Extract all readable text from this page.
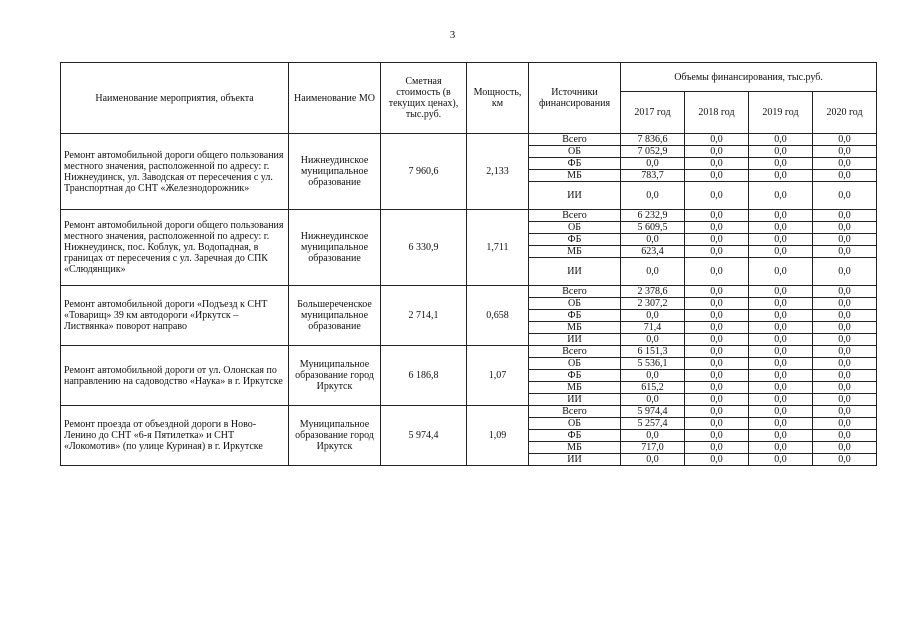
3
Наименование мероприятия, объекта	Наименование МО	Сметная стоимость (в текущих ценах), тыс.руб.	Мощность, км	Источники финансирования	Объемы финансирования, тыс.руб.			
					2017 год	2018 год	2019 год	2020 год
Ремонт автомобильной дороги общего пользования местного значения, расположенной по адресу: г. Нижнеудинск, ул. Заводская от пересечения с ул. Транспортная до СНТ «Железнодорожник»	Нижнеудинское муниципальное образование	7 960,6	2,133	Всего	7 836,6	0,0	0,0	0,0
				ОБ	7 052,9	0,0	0,0	0,0
				ФБ	0,0	0,0	0,0	0,0
				МБ	783,7	0,0	0,0	0,0
				ИИ	0,0	0,0	0,0	0,0
Ремонт автомобильной дороги общего пользования местного значения, расположенной по адресу: г. Нижнеудинск, пос. Коблук, ул. Водопадная, в границах от пересечения с ул. Заречная до СПК «Слюдянщик»	Нижнеудинское муниципальное образование	6 330,9	1,711	Всего	6 232,9	0,0	0,0	0,0
				ОБ	5 609,5	0,0	0,0	0,0
				ФБ	0,0	0,0	0,0	0,0
				МБ	623,4	0,0	0,0	0,0
				ИИ	0,0	0,0	0,0	0,0
Ремонт автомобильной дороги «Подъезд к СНТ «Товарищ» 39 км автодороги «Иркутск – Листвянка» поворот направо	Большереченское муниципальное образование	2 714,1	0,658	Всего	2 378,6	0,0	0,0	0,0
				ОБ	2 307,2	0,0	0,0	0,0
				ФБ	0,0	0,0	0,0	0,0
				МБ	71,4	0,0	0,0	0,0
				ИИ	0,0	0,0	0,0	0,0
Ремонт автомобильной дороги от ул. Олонская по направлению на садоводство «Наука» в г. Иркутске	Муниципальное образование город Иркутск	6 186,8	1,07	Всего	6 151,3	0,0	0,0	0,0
				ОБ	5 536,1	0,0	0,0	0,0
				ФБ	0,0	0,0	0,0	0,0
				МБ	615,2	0,0	0,0	0,0
				ИИ	0,0	0,0	0,0	0,0
Ремонт проезда от объездной дороги в Ново-Ленино до СНТ «6-я Пятилетка» и СНТ «Локомотив» (по улице Куриная) в г. Иркутске	Муниципальное образование город Иркутск	5 974,4	1,09	Всего	5 974,4	0,0	0,0	0,0
				ОБ	5 257,4	0,0	0,0	0,0
				ФБ	0,0	0,0	0,0	0,0
				МБ	717,0	0,0	0,0	0,0
				ИИ	0,0	0,0	0,0	0,0
